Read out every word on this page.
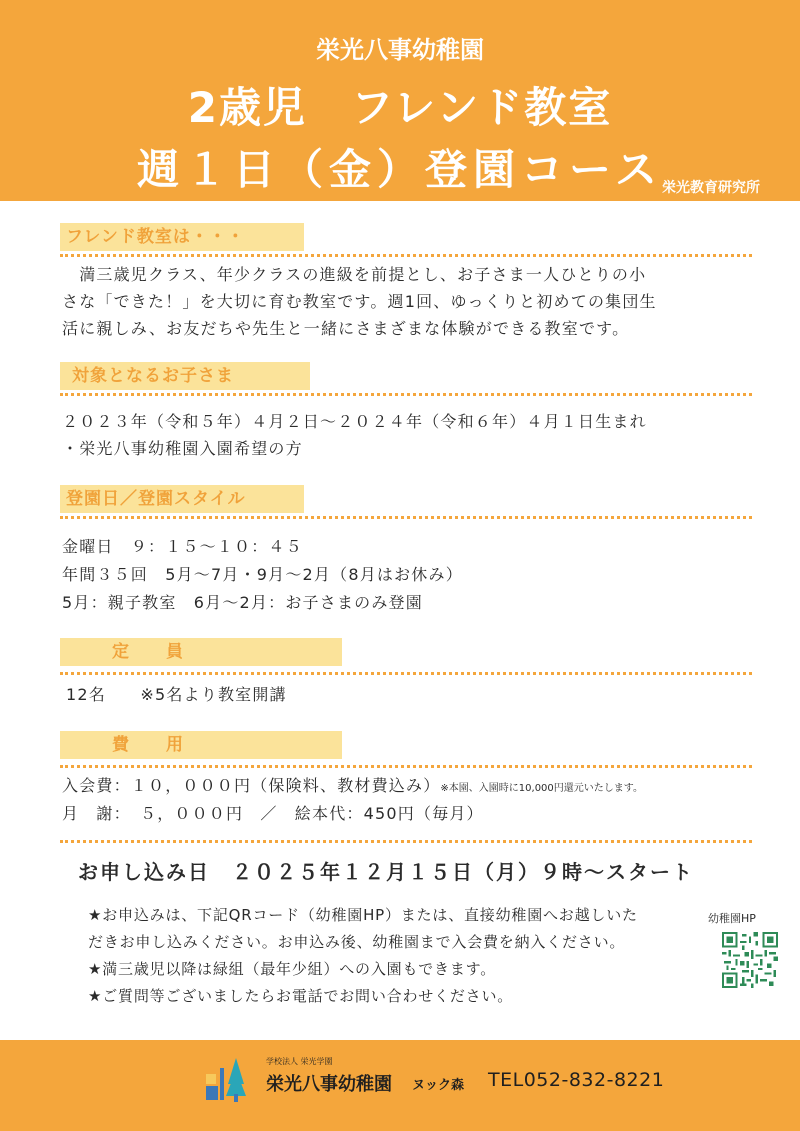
栄光八事幼稚園
2歳児　フレンド教室
週１日（金）登園コース 栄光教育研究所
フレンド教室は・・・
　満三歳児クラス、年少クラスの進級を前提とし、お子さま一人ひとりの小
さな「できた！」を大切に育む教室です。週1回、ゆっくりと初めての集団生
活に親しみ、お友だちや先生と一緒にさまざまな体験ができる教室です。
対象となるお子さま
２０２３年（令和５年）４月２日～２０２４年（令和６年）４月１日生まれ
・栄光八事幼稚園入園希望の方
登園日／登園スタイル
金曜日　９：１５～１０：４５
年間３５回　5月～7月・9月～2月（8月はお休み）
5月：親子教室　6月～2月：お子さまのみ登園
定　　員
12名　　※5名より教室開講
費　　用
入会費：１０，０００円（保険料、教材費込み）※本園、入園時に10,000円還元いたします。
月　謝：　５，０００円　／　絵本代：450円（毎月）
お申し込み日　２０２５年１２月１５日（月）９時～スタート
★お申込みは、下記QRコード（幼稚園HP）または、直接幼稚園へお越しいた
だきお申し込みください。お申込み後、幼稚園まで入会費を納入ください。
★満三歳児以降は緑組（最年少組）への入園もできます。
★ご質問等ございましたらお電話でお問い合わせください。
幼稚園HP
学校法人 栄光学園
栄光八事幼稚園 ヌック森 TEL052-832-8221
